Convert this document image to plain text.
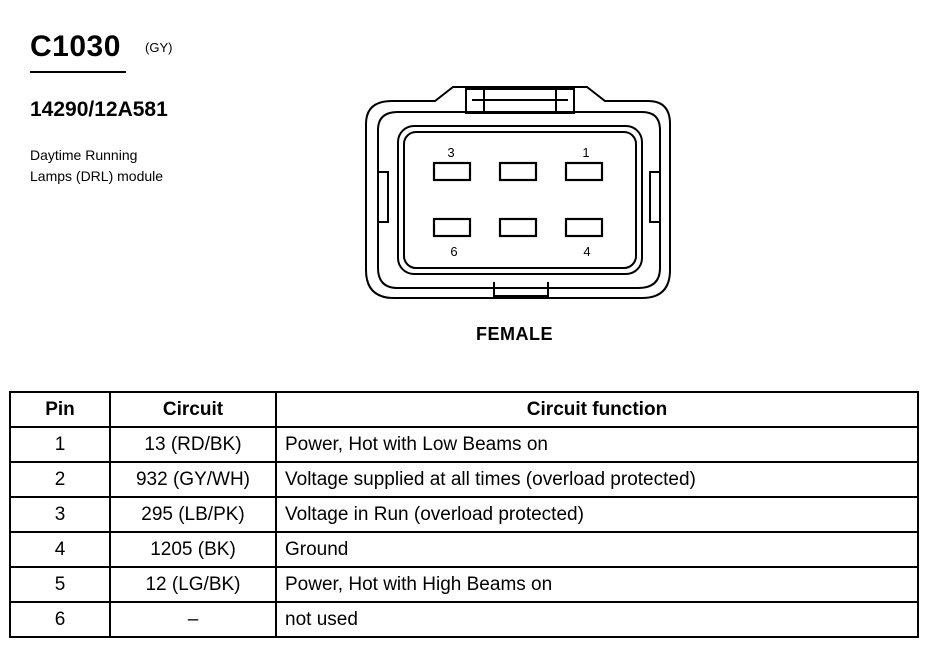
C1030 (GY)
14290/12A581
Daytime Running
Lamps (DRL) module
3	1
6	4
FEMALE
Pin	Circuit	Circuit function
1	13 (RD/BK)	Power, Hot with Low Beams on
2	932 (GY/WH)	Voltage supplied at all times (overload protected)
3	295 (LB/PK)	Voltage in Run (overload protected)
4	1205 (BK)	Ground
5	12 (LG/BK)	Power, Hot with High Beams on
6	–	not used
